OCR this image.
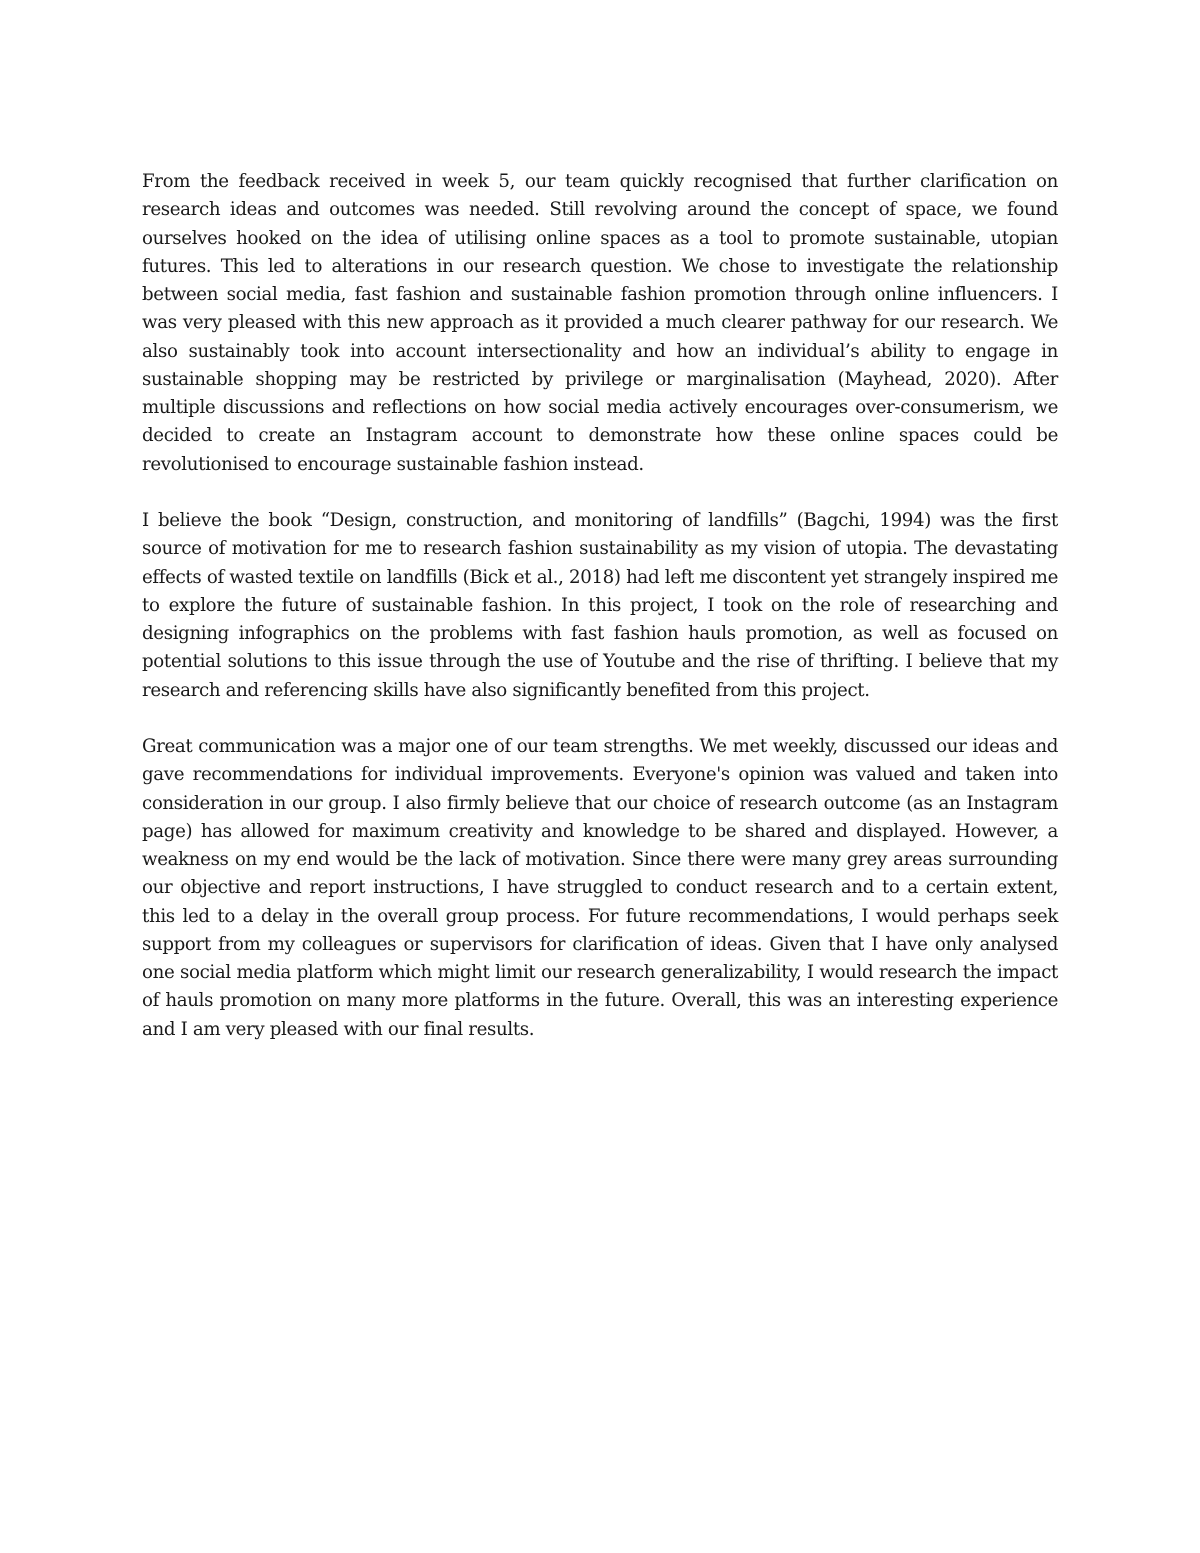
From the feedback received in week 5, our team quickly recognised that further clarification on research ideas and outcomes was needed. Still revolving around the concept of space, we found ourselves hooked on the idea of utilising online spaces as a tool to promote sustainable, utopian futures. This led to alterations in our research question. We chose to investigate the relationship between social media, fast fashion and sustainable fashion promotion through online influencers. I was very pleased with this new approach as it provided a much clearer pathway for our research. We also sustainably took into account intersectionality and how an individual’s ability to engage in sustainable shopping may be restricted by privilege or marginalisation (Mayhead, 2020). After multiple discussions and reflections on how social media actively encourages over-consumerism, we decided to create an Instagram account to demonstrate how these online spaces could be revolutionised to encourage sustainable fashion instead.

I believe the book “Design, construction, and monitoring of landfills” (Bagchi, 1994) was the first source of motivation for me to research fashion sustainability as my vision of utopia. The devastating effects of wasted textile on landfills (Bick et al., 2018) had left me discontent yet strangely inspired me to explore the future of sustainable fashion. In this project, I took on the role of researching and designing infographics on the problems with fast fashion hauls promotion, as well as focused on potential solutions to this issue through the use of Youtube and the rise of thrifting. I believe that my research and referencing skills have also significantly benefited from this project.

Great communication was a major one of our team strengths. We met weekly, discussed our ideas and gave recommendations for individual improvements. Everyone's opinion was valued and taken into consideration in our group. I also firmly believe that our choice of research outcome (as an Instagram page) has allowed for maximum creativity and knowledge to be shared and displayed. However, a weakness on my end would be the lack of motivation. Since there were many grey areas surrounding our objective and report instructions, I have struggled to conduct research and to a certain extent, this led to a delay in the overall group process. For future recommendations, I would perhaps seek support from my colleagues or supervisors for clarification of ideas. Given that I have only analysed one social media platform which might limit our research generalizability, I would research the impact of hauls promotion on many more platforms in the future. Overall, this was an interesting experience and I am very pleased with our final results.
